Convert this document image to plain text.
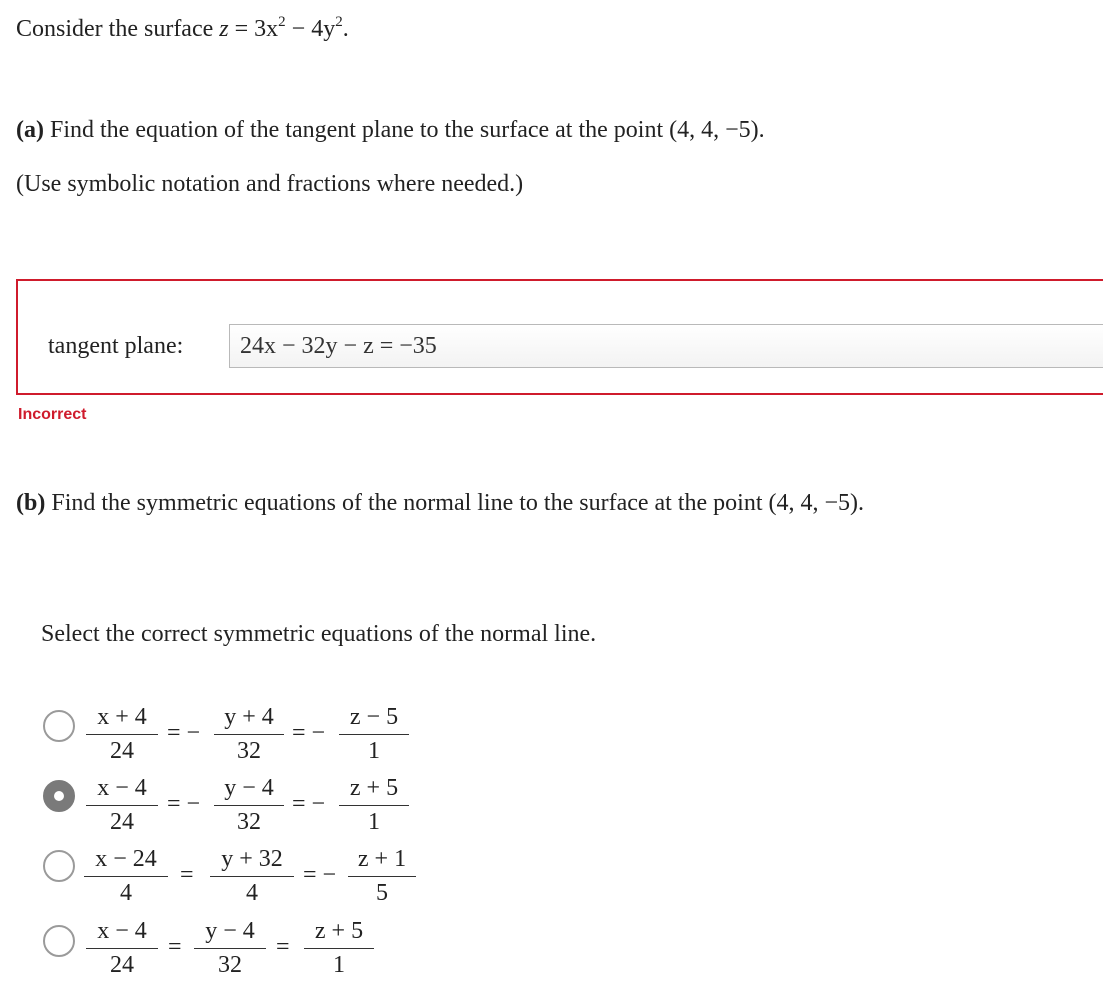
Consider the surface $z = 3x^2 - 4y^2$.
(a) Find the equation of the tangent plane to the surface at the point (4, 4, −5).
(Use symbolic notation and fractions where needed.)
tangent plane:	24x − 32y − z = −35
Incorrect
(b) Find the symmetric equations of the normal line to the surface at the point (4, 4, −5).
Select the correct symmetric equations of the normal line.
x + 4
24
= −
y + 4
32
= −
z − 5
1
x − 4
24
= −
y − 4
32
= −
z + 5
1
x − 24
4
=
y + 32
4
= −
z + 1
5
x − 4
24
=
y − 4
32
=
z + 5
1
